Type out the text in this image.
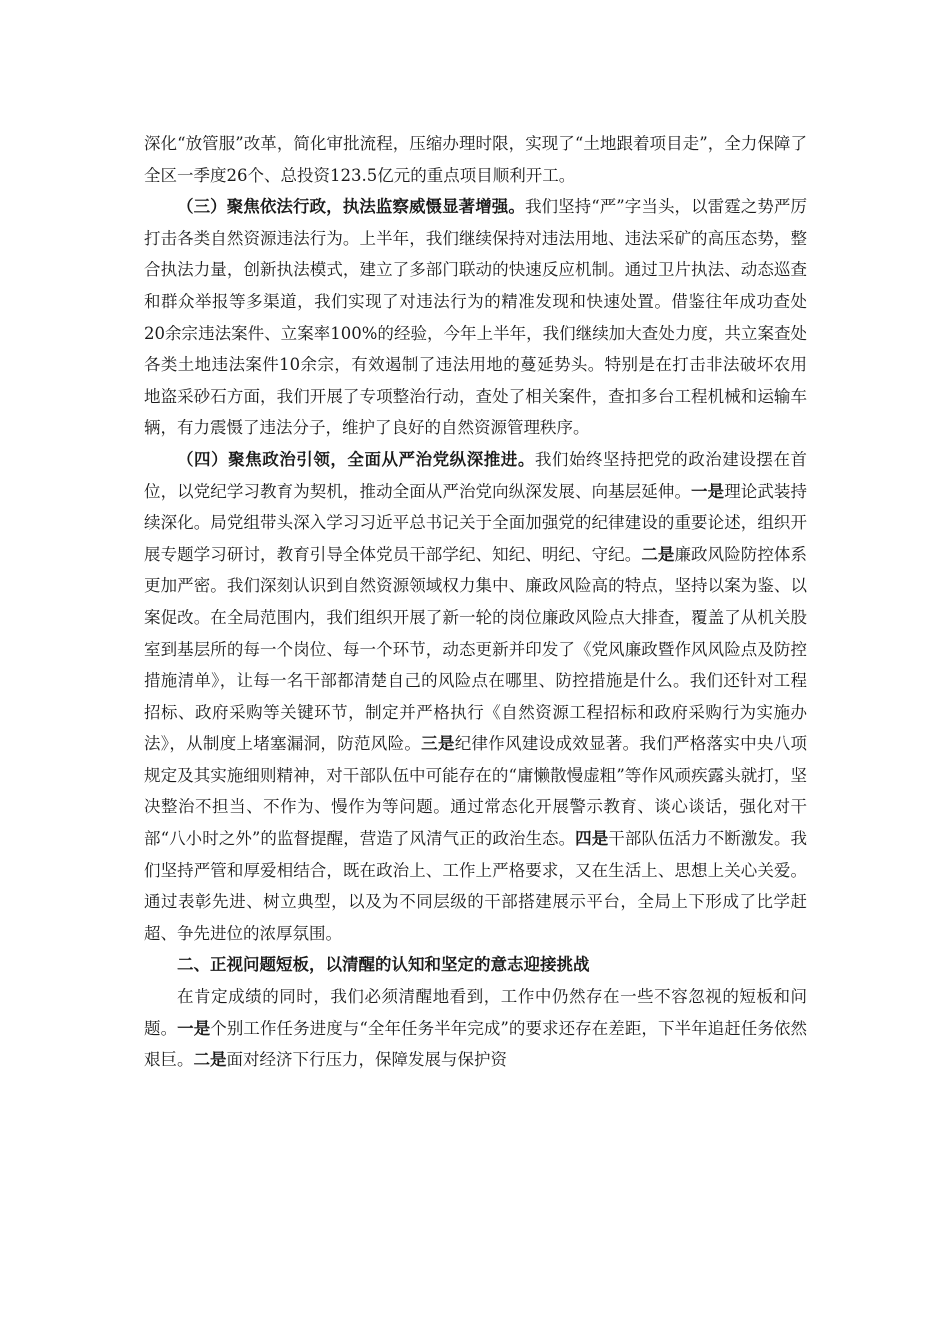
深化“放管服”改革，简化审批流程，压缩办理时限，实现了“土地跟着项目走”，全力保障了全区一季度26个、总投资123.5亿元的重点项目顺利开工。

（三）聚焦依法行政，执法监察威慑显著增强。我们坚持“严”字当头，以雷霆之势严厉打击各类自然资源违法行为。上半年，我们继续保持对违法用地、违法采矿的高压态势，整合执法力量，创新执法模式，建立了多部门联动的快速反应机制。通过卫片执法、动态巡查和群众举报等多渠道，我们实现了对违法行为的精准发现和快速处置。借鉴往年成功查处20余宗违法案件、立案率100%的经验，今年上半年，我们继续加大查处力度，共立案查处各类土地违法案件10余宗，有效遏制了违法用地的蔓延势头。特别是在打击非法破坏农用地盗采砂石方面，我们开展了专项整治行动，查处了相关案件，查扣多台工程机械和运输车辆，有力震慑了违法分子，维护了良好的自然资源管理秩序。

（四）聚焦政治引领，全面从严治党纵深推进。我们始终坚持把党的政治建设摆在首位，以党纪学习教育为契机，推动全面从严治党向纵深发展、向基层延伸。一是理论武装持续深化。局党组带头深入学习习近平总书记关于全面加强党的纪律建设的重要论述，组织开展专题学习研讨，教育引导全体党员干部学纪、知纪、明纪、守纪。二是廉政风险防控体系更加严密。我们深刻认识到自然资源领域权力集中、廉政风险高的特点，坚持以案为鉴、以案促改。在全局范围内，我们组织开展了新一轮的岗位廉政风险点大排查，覆盖了从机关股室到基层所的每一个岗位、每一个环节，动态更新并印发了《党风廉政暨作风风险点及防控措施清单》，让每一名干部都清楚自己的风险点在哪里、防控措施是什么。我们还针对工程招标、政府采购等关键环节，制定并严格执行《自然资源工程招标和政府采购行为实施办法》，从制度上堵塞漏洞，防范风险。三是纪律作风建设成效显著。我们严格落实中央八项规定及其实施细则精神，对干部队伍中可能存在的“庸懒散慢虚粗”等作风顽疾露头就打，坚决整治不担当、不作为、慢作为等问题。通过常态化开展警示教育、谈心谈话，强化对干部“八小时之外”的监督提醒，营造了风清气正的政治生态。四是干部队伍活力不断激发。我们坚持严管和厚爱相结合，既在政治上、工作上严格要求，又在生活上、思想上关心关爱。通过表彰先进、树立典型，以及为不同层级的干部搭建展示平台，全局上下形成了比学赶超、争先进位的浓厚氛围。

二、正视问题短板，以清醒的认知和坚定的意志迎接挑战

在肯定成绩的同时，我们必须清醒地看到，工作中仍然存在一些不容忽视的短板和问题。一是个别工作任务进度与“全年任务半年完成”的要求还存在差距，下半年追赶任务依然艰巨。二是面对经济下行压力，保障发展与保护资
